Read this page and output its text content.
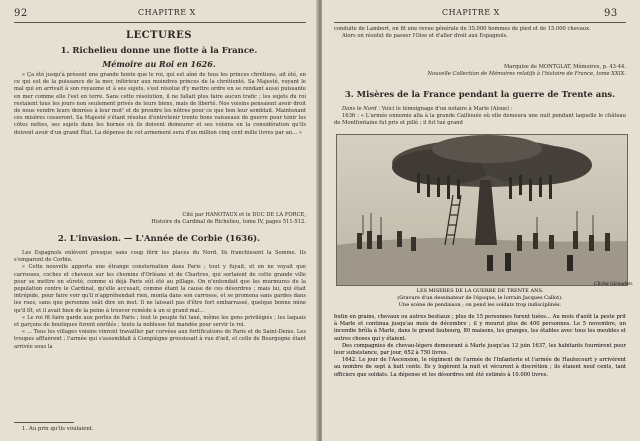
92	CHAPITRE X
LECTURES
1. Richelieu donne une flotte à la France.
Mémoire au Roi en 1626.

« Ça été jusqu'à présent une grande honte que le roi, qui est aîné de tous les princes chrétiens, ait été, en ce qui est de la puissance de la mer, inférieur aux moindres princes de la chrétienté. Sa Majesté, voyant le mal qui en arrivait à son royaume et à ses sujets, s'est résolue d'y mettre ordre en se rendant aussi puissante en mer comme elle l'est en terre. Sans cette résolution, il ne fallait plus faire aucun trafic ; les sujets du roi restaient tous les jours non seulement privés de leurs biens, mais de liberté. Nos voisins pensaient avoir droit de nous vendre leurs denrées à leur mot¹ et de prendre les nôtres pour ce que bon leur semblait. Maintenant ces misères cesseront. Sa Majesté s'étant résolue d'entretenir trente bons vaisseaux de guerre pour tenir les côtes nettes, ses sujets dans les bornes où ils doivent demeurer et ses voisins en la considération qu'ils doivent avoir d'un grand État. La dépense de cet armement sera d'un million cinq cent mille livres par an... »

Cité par HANOTAUX et le DUC DE LA FORCE,
Histoire du Cardinal de Richelieu, tome IV, pages 511-512.
2. L'invasion. — L'Année de Corbie (1636).

Les Espagnols enlèvent presque sans coup férir les places du Nord. Ils franchissent la Somme. Ils s'emparent de Corbie.

« Cette nouvelle apporta une étrange consternation dans Paris ; tout y fuyait, et on ne voyait que carrosses, coches et chevaux sur les chemins d'Orléans et de Chartres, qui sortaient de cette grande ville pour se mettre en sûreté, comme si déjà Paris eût été au pillage. On n'entendait que les murmures de la population contre le Cardinal, qu'elle accusait, comme étant la cause de ces désordres ; mais lui, qui était intrépide, pour faire voir qu'il n'appréhendait rien, monta dans son carrosse, et se promena sans gardes dans les rues, sans que personne osât dire un mot. Il ne laissait pas d'être fort embarrassé, quelque bonne mine qu'il fît, et il avait bien de la peine à trouver remède à un si grand mal...

« Le roi fit faire garde aux portes de Paris ; tout le peuple fut taxé, même les gens privilégiés ; les laquais et garçons de boutiques furent enrôlés ; toute la noblesse fut mandée pour servir le roi.

« ... Tous les villages voisins vinrent travailler par corvées aux fortifications de Paris et de Saint-Denis. Les troupes affluèrent ; l'armée qui s'assemblait à Compiègne grossissait à vue d'œil, et celle de Bourgogne étant arrivée sous la

1. Au prix qu'ils voulaient.
CHAPITRE X	93

conduite de Lambert, on fit une revue générale de 35.000 hommes de pied et de 15.000 chevaux.

Alors on résolut de passer l'Oise et d'aller droit aux Espagnols.

Marquise de MONTGLAT, Mémoires, p. 43-44.
Nouvelle Collection de Mémoires relatifs à l'histoire de France, tome XXIX.
3. Misères de la France pendant la guerre de Trente ans.

Dans le Nord : Voici le témoignage d'un notaire à Marle (Aisne) :

1636 : « L'armée ennemie alla à la grande Caillouée où elle demeura une nuit pendant laquelle le château de Montfontaine fut pris et pillé ; il fut tué grand

Cliché Giraudon.
LES MISÈRES DE LA GUERRE DE TRENTE ANS.
(Gravure d'un dessinateur de l'époque, le lorrain Jacques Callot).
Une scène de pendaison ; on pend les soldats trop indisciplinés.

butin en grains, chevaux ou autres bestiaux ; plus de 15 personnes furent tuées... Au mois d'août la peste prit à Marle et continua jusqu'au mois de décembre ; il y mourut plus de 400 personnes. Le 5 novembre, un incendie brûla à Marle, dans le grand faubourg, 80 maisons, les granges, les étables avec tous les meubles et autres choses qui y étaient.

Des compagnies de chevau-légers demeurant à Marle jusqu'au 12 juin 1637, les habitants fournirent pour leur subsistance, par jour, 652 à 750 livres.

1642. Le jour de l'Ascension, le régiment de l'armée de l'Infanterie et l'armée de Hautecourt y arrivèrent au nombre de sept à huit cents. Ils y logèrent la nuit et vécurent à discrétion ; ils étaient neuf cents, tant officiers que soldats. La dépense et les désordres ont été estimés à 10.000 livres.
